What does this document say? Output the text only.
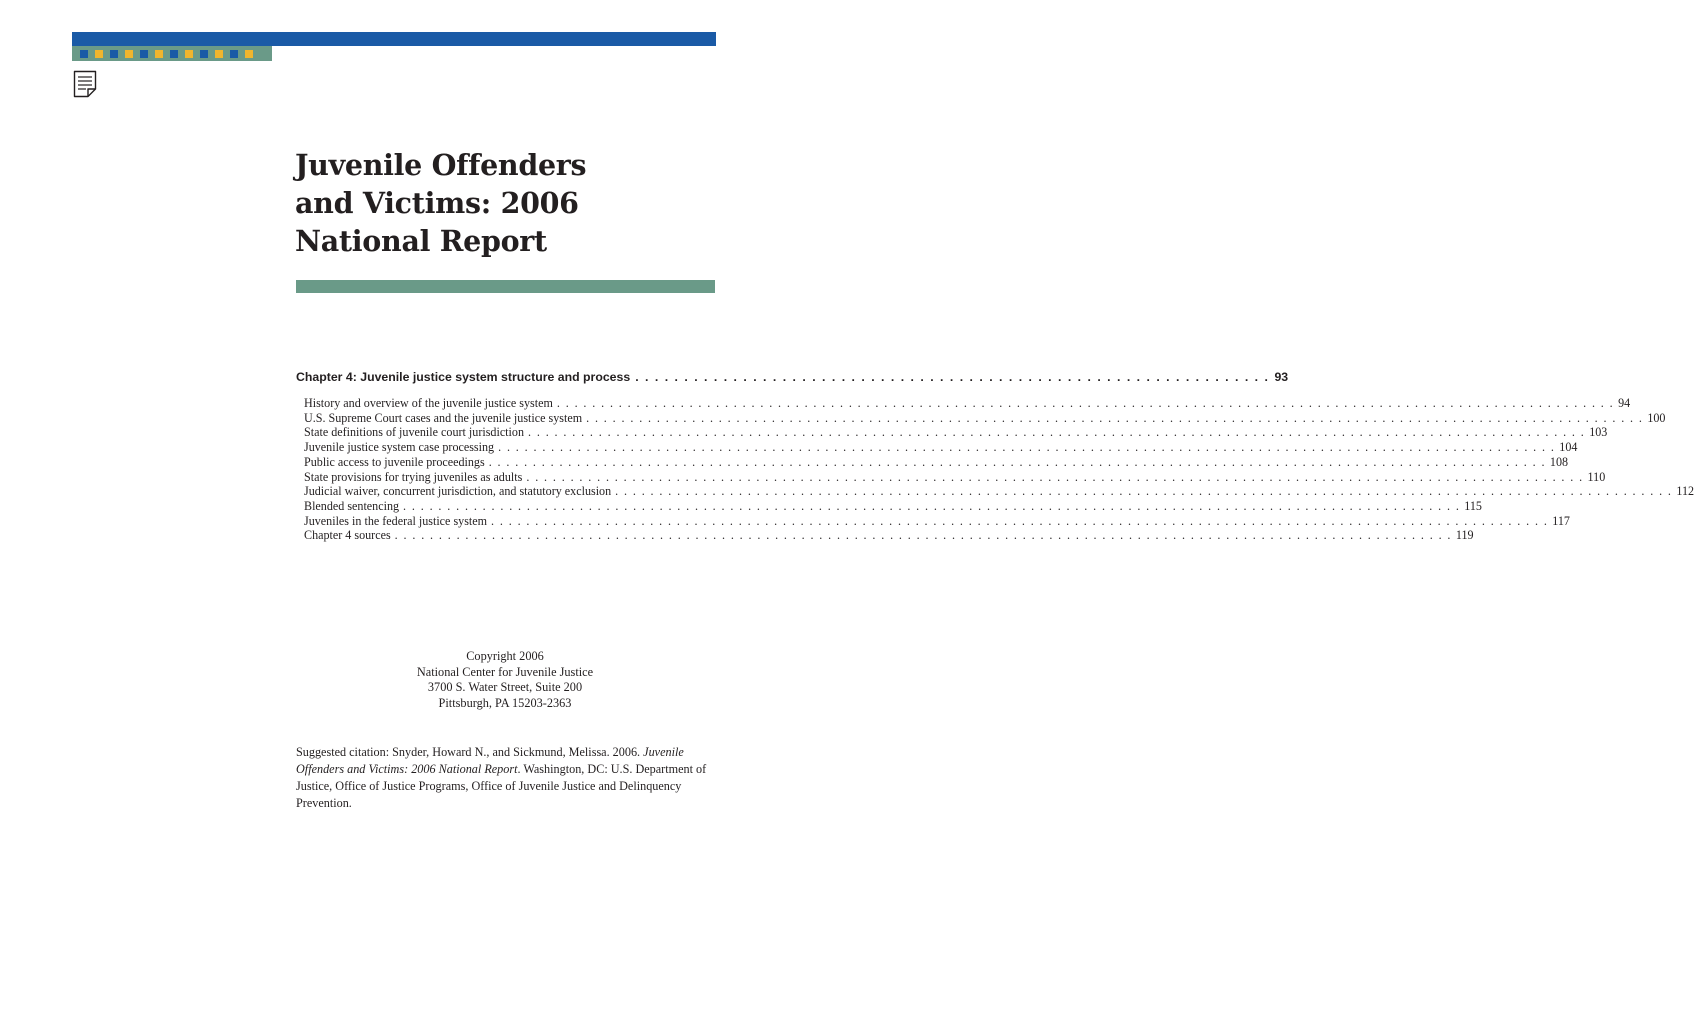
Juvenile Offenders
and Victims: 2006
National Report
Chapter 4: Juvenile justice system structure and process . . . . . . . . . . . . . . . . . . . . . . . . . . . . . . . . . . . . . . . . . . . . . . . . . . . . . . . . . . . . . . . . . 93
History and overview of the juvenile justice system . . . . . . . . . . . . . . . . . . . . . . . . . . . . . . . . . . . . . . . . . . . . . . . . . . . . . . . . . . . . . . . . . . . . . . . . . . . . . . . . . . . . . . . . . . . . . . . . . . . . . . . . . . . . . . . . . . . . . . . . 94
U.S. Supreme Court cases and the juvenile justice system . . . . . . . . . . . . . . . . . . . . . . . . . . . . . . . . . . . . . . . . . . . . . . . . . . . . . . . . . . . . . . . . . . . . . . . . . . . . . . . . . . . . . . . . . . . . . . . . . . . . . . . . . . . . . . . . . . . . . . . . 100
State definitions of juvenile court jurisdiction . . . . . . . . . . . . . . . . . . . . . . . . . . . . . . . . . . . . . . . . . . . . . . . . . . . . . . . . . . . . . . . . . . . . . . . . . . . . . . . . . . . . . . . . . . . . . . . . . . . . . . . . . . . . . . . . . . . . . . . . 103
Juvenile justice system case processing . . . . . . . . . . . . . . . . . . . . . . . . . . . . . . . . . . . . . . . . . . . . . . . . . . . . . . . . . . . . . . . . . . . . . . . . . . . . . . . . . . . . . . . . . . . . . . . . . . . . . . . . . . . . . . . . . . . . . . . . 104
Public access to juvenile proceedings . . . . . . . . . . . . . . . . . . . . . . . . . . . . . . . . . . . . . . . . . . . . . . . . . . . . . . . . . . . . . . . . . . . . . . . . . . . . . . . . . . . . . . . . . . . . . . . . . . . . . . . . . . . . . . . . . . . . . . . . 108
State provisions for trying juveniles as adults . . . . . . . . . . . . . . . . . . . . . . . . . . . . . . . . . . . . . . . . . . . . . . . . . . . . . . . . . . . . . . . . . . . . . . . . . . . . . . . . . . . . . . . . . . . . . . . . . . . . . . . . . . . . . . . . . . . . . . . . 110
Judicial waiver, concurrent jurisdiction, and statutory exclusion . . . . . . . . . . . . . . . . . . . . . . . . . . . . . . . . . . . . . . . . . . . . . . . . . . . . . . . . . . . . . . . . . . . . . . . . . . . . . . . . . . . . . . . . . . . . . . . . . . . . . . . . . . . . . . . . . . . . . . . . 112
Blended sentencing . . . . . . . . . . . . . . . . . . . . . . . . . . . . . . . . . . . . . . . . . . . . . . . . . . . . . . . . . . . . . . . . . . . . . . . . . . . . . . . . . . . . . . . . . . . . . . . . . . . . . . . . . . . . . . . . . . . . . . . . 115
Juveniles in the federal justice system . . . . . . . . . . . . . . . . . . . . . . . . . . . . . . . . . . . . . . . . . . . . . . . . . . . . . . . . . . . . . . . . . . . . . . . . . . . . . . . . . . . . . . . . . . . . . . . . . . . . . . . . . . . . . . . . . . . . . . . . 117
Chapter 4 sources . . . . . . . . . . . . . . . . . . . . . . . . . . . . . . . . . . . . . . . . . . . . . . . . . . . . . . . . . . . . . . . . . . . . . . . . . . . . . . . . . . . . . . . . . . . . . . . . . . . . . . . . . . . . . . . . . . . . . . . . 119
Copyright 2006
National Center for Juvenile Justice
3700 S. Water Street, Suite 200
Pittsburgh, PA 15203-2363

Suggested citation: Snyder, Howard N., and Sickmund, Melissa. 2006. Juvenile Offenders and Victims: 2006 National Report. Washington, DC: U.S. Department of Justice, Office of Justice Programs, Office of Juvenile Justice and Delinquency Prevention.
